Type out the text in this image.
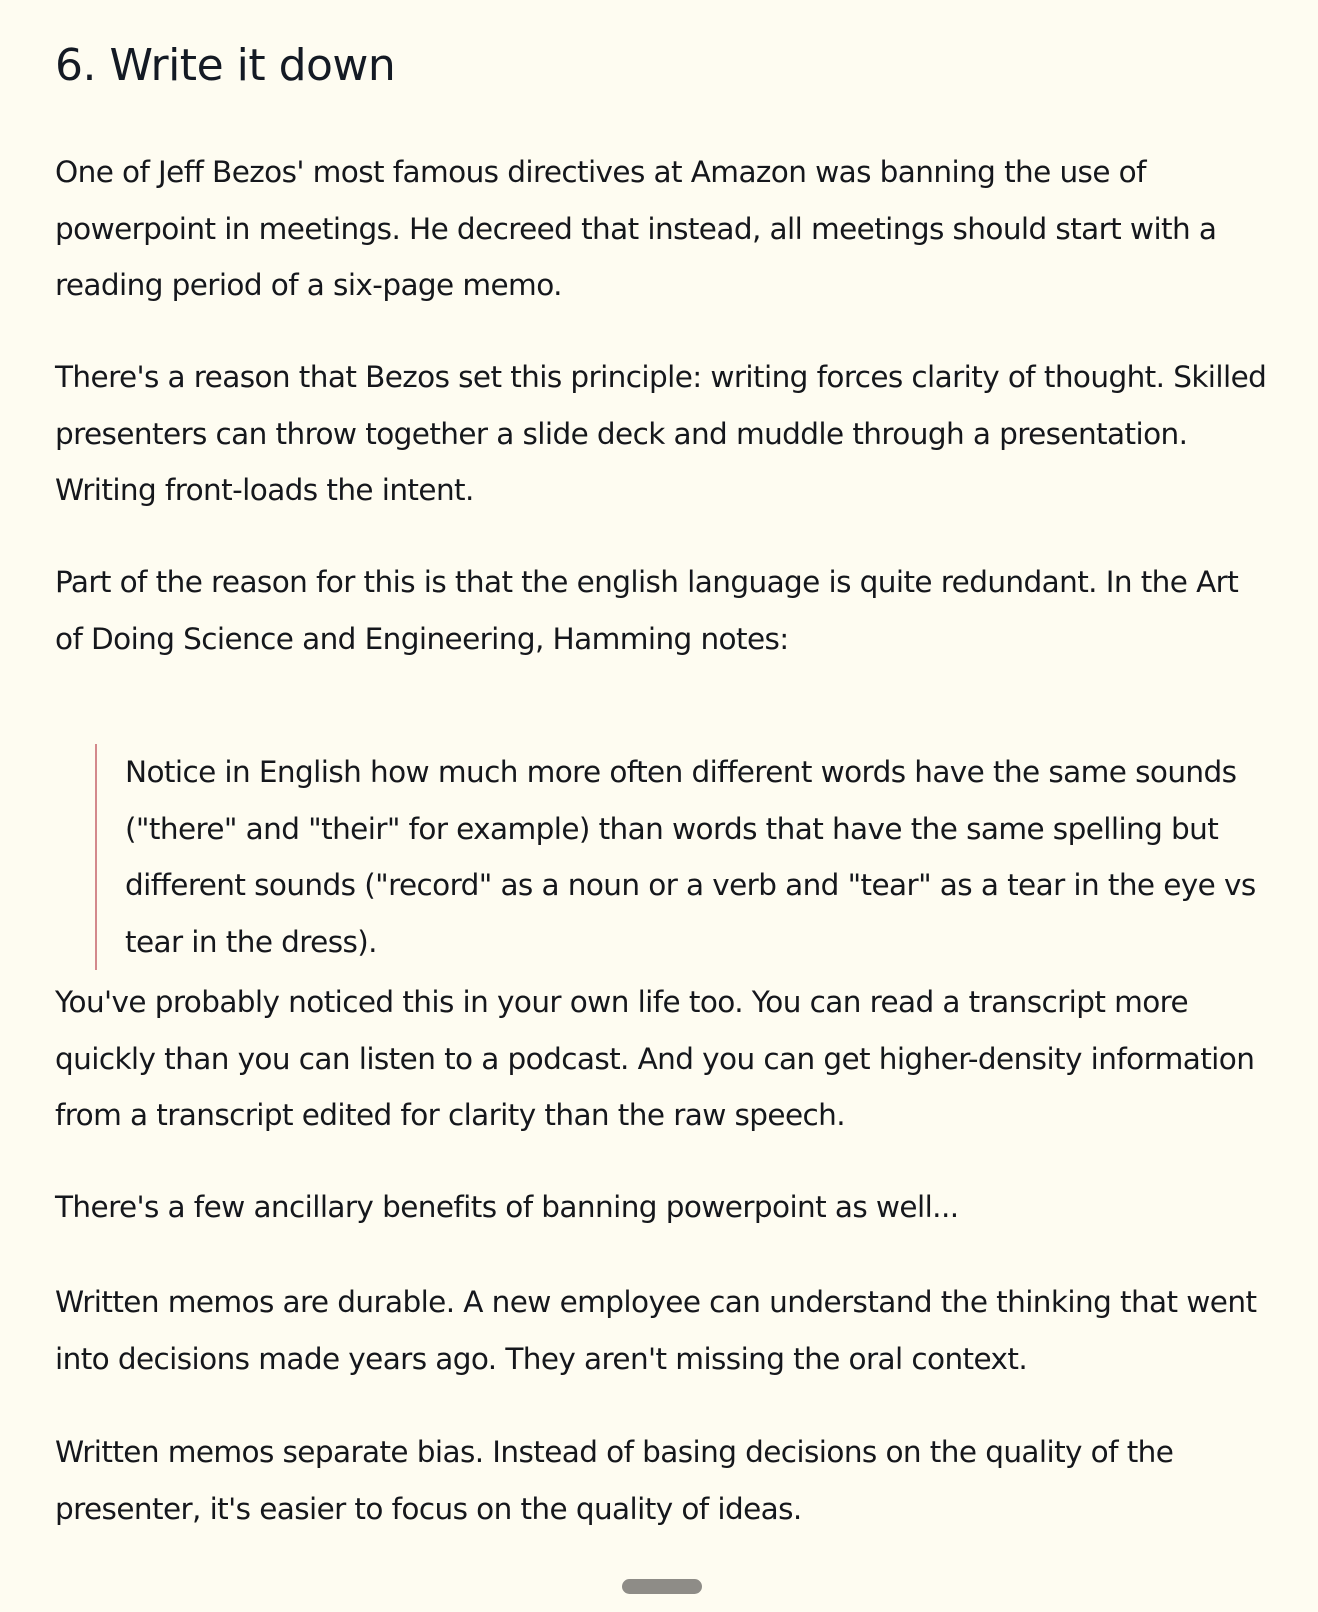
6. Write it down

One of Jeff Bezos' most famous directives at Amazon was banning the use of powerpoint in meetings. He decreed that instead, all meetings should start with a reading period of a six-page memo.

There's a reason that Bezos set this principle: writing forces clarity of thought. Skilled presenters can throw together a slide deck and muddle through a presentation. Writing front-loads the intent.

Part of the reason for this is that the english language is quite redundant. In the Art of Doing Science and Engineering, Hamming notes:

Notice in English how much more often different words have the same sounds ("there" and "their" for example) than words that have the same spelling but different sounds ("record" as a noun or a verb and "tear" as a tear in the eye vs tear in the dress).

You've probably noticed this in your own life too. You can read a transcript more quickly than you can listen to a podcast. And you can get higher-density information from a transcript edited for clarity than the raw speech.

There's a few ancillary benefits of banning powerpoint as well...

Written memos are durable. A new employee can understand the thinking that went into decisions made years ago. They aren't missing the oral context.

Written memos separate bias. Instead of basing decisions on the quality of the presenter, it's easier to focus on the quality of ideas.
